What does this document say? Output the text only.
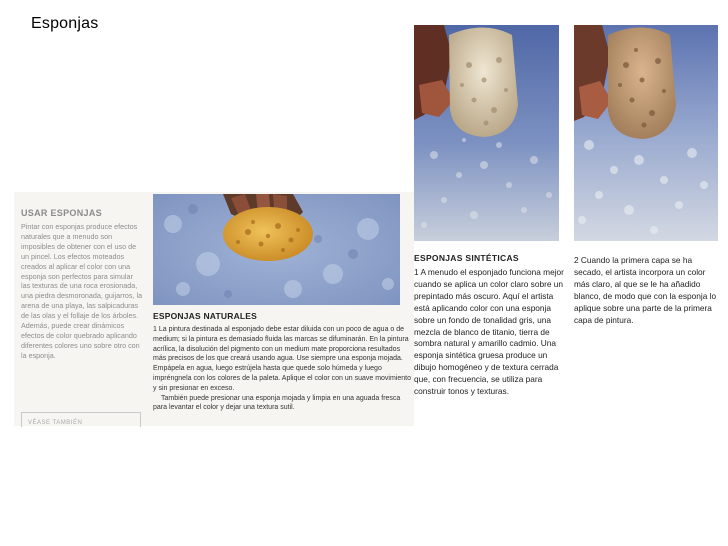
Esponjas
USAR ESPONJAS
Pintar con esponjas produce efectos naturales que a menudo son imposibles de obtener con el uso de un pincel. Los efectos moteados creados al aplicar el color con una esponja son perfectos para simular las texturas de una roca erosionada, una piedra desmoronada, guijarros, la arena de una playa, las salpicaduras de las olas y el follaje de los árboles. Además, puede crear dinámicos efectos de color quebrado aplicando diferentes colores uno sobre otro con la esponja.
VÉASE TAMBIÉN
ESPONJAS NATURALES

1 La pintura destinada al esponjado debe estar diluida con un poco de agua o de medium; si la pintura es demasiado fluida las marcas se difuminarán. En la pintura acrílica, la disolución del pigmento con un medium mate proporciona resultados más precisos de los que creará usando agua. Use siempre una esponja mojada. Empápela en agua, luego estrújela hasta que quede solo húmeda y luego impréngnela con los colores de la paleta. Aplique el color con un suave movimiento y sin presionar en exceso.

También puede presionar una esponja mojada y limpia en una aguada fresca para levantar el color y dejar una textura sutil.

ESPONJAS SINTÉTICAS
1 A menudo el esponjado funciona mejor cuando se aplica un color claro sobre un prepintado más oscuro. Aquí el artista está aplicando color con una esponja sobre un fondo de tonalidad gris, una mezcla de blanco de titanio, tierra de sombra natural y amarillo cadmio. Una esponja sintética gruesa produce un dibujo homogéneo y de textura cerrada que, con frecuencia, se utiliza para construir tonos y texturas.
2 Cuando la primera capa se ha secado, el artista incorpora un color más claro, al que se le ha añadido blanco, de modo que con la esponja lo aplique sobre una parte de la primera capa de pintura.
